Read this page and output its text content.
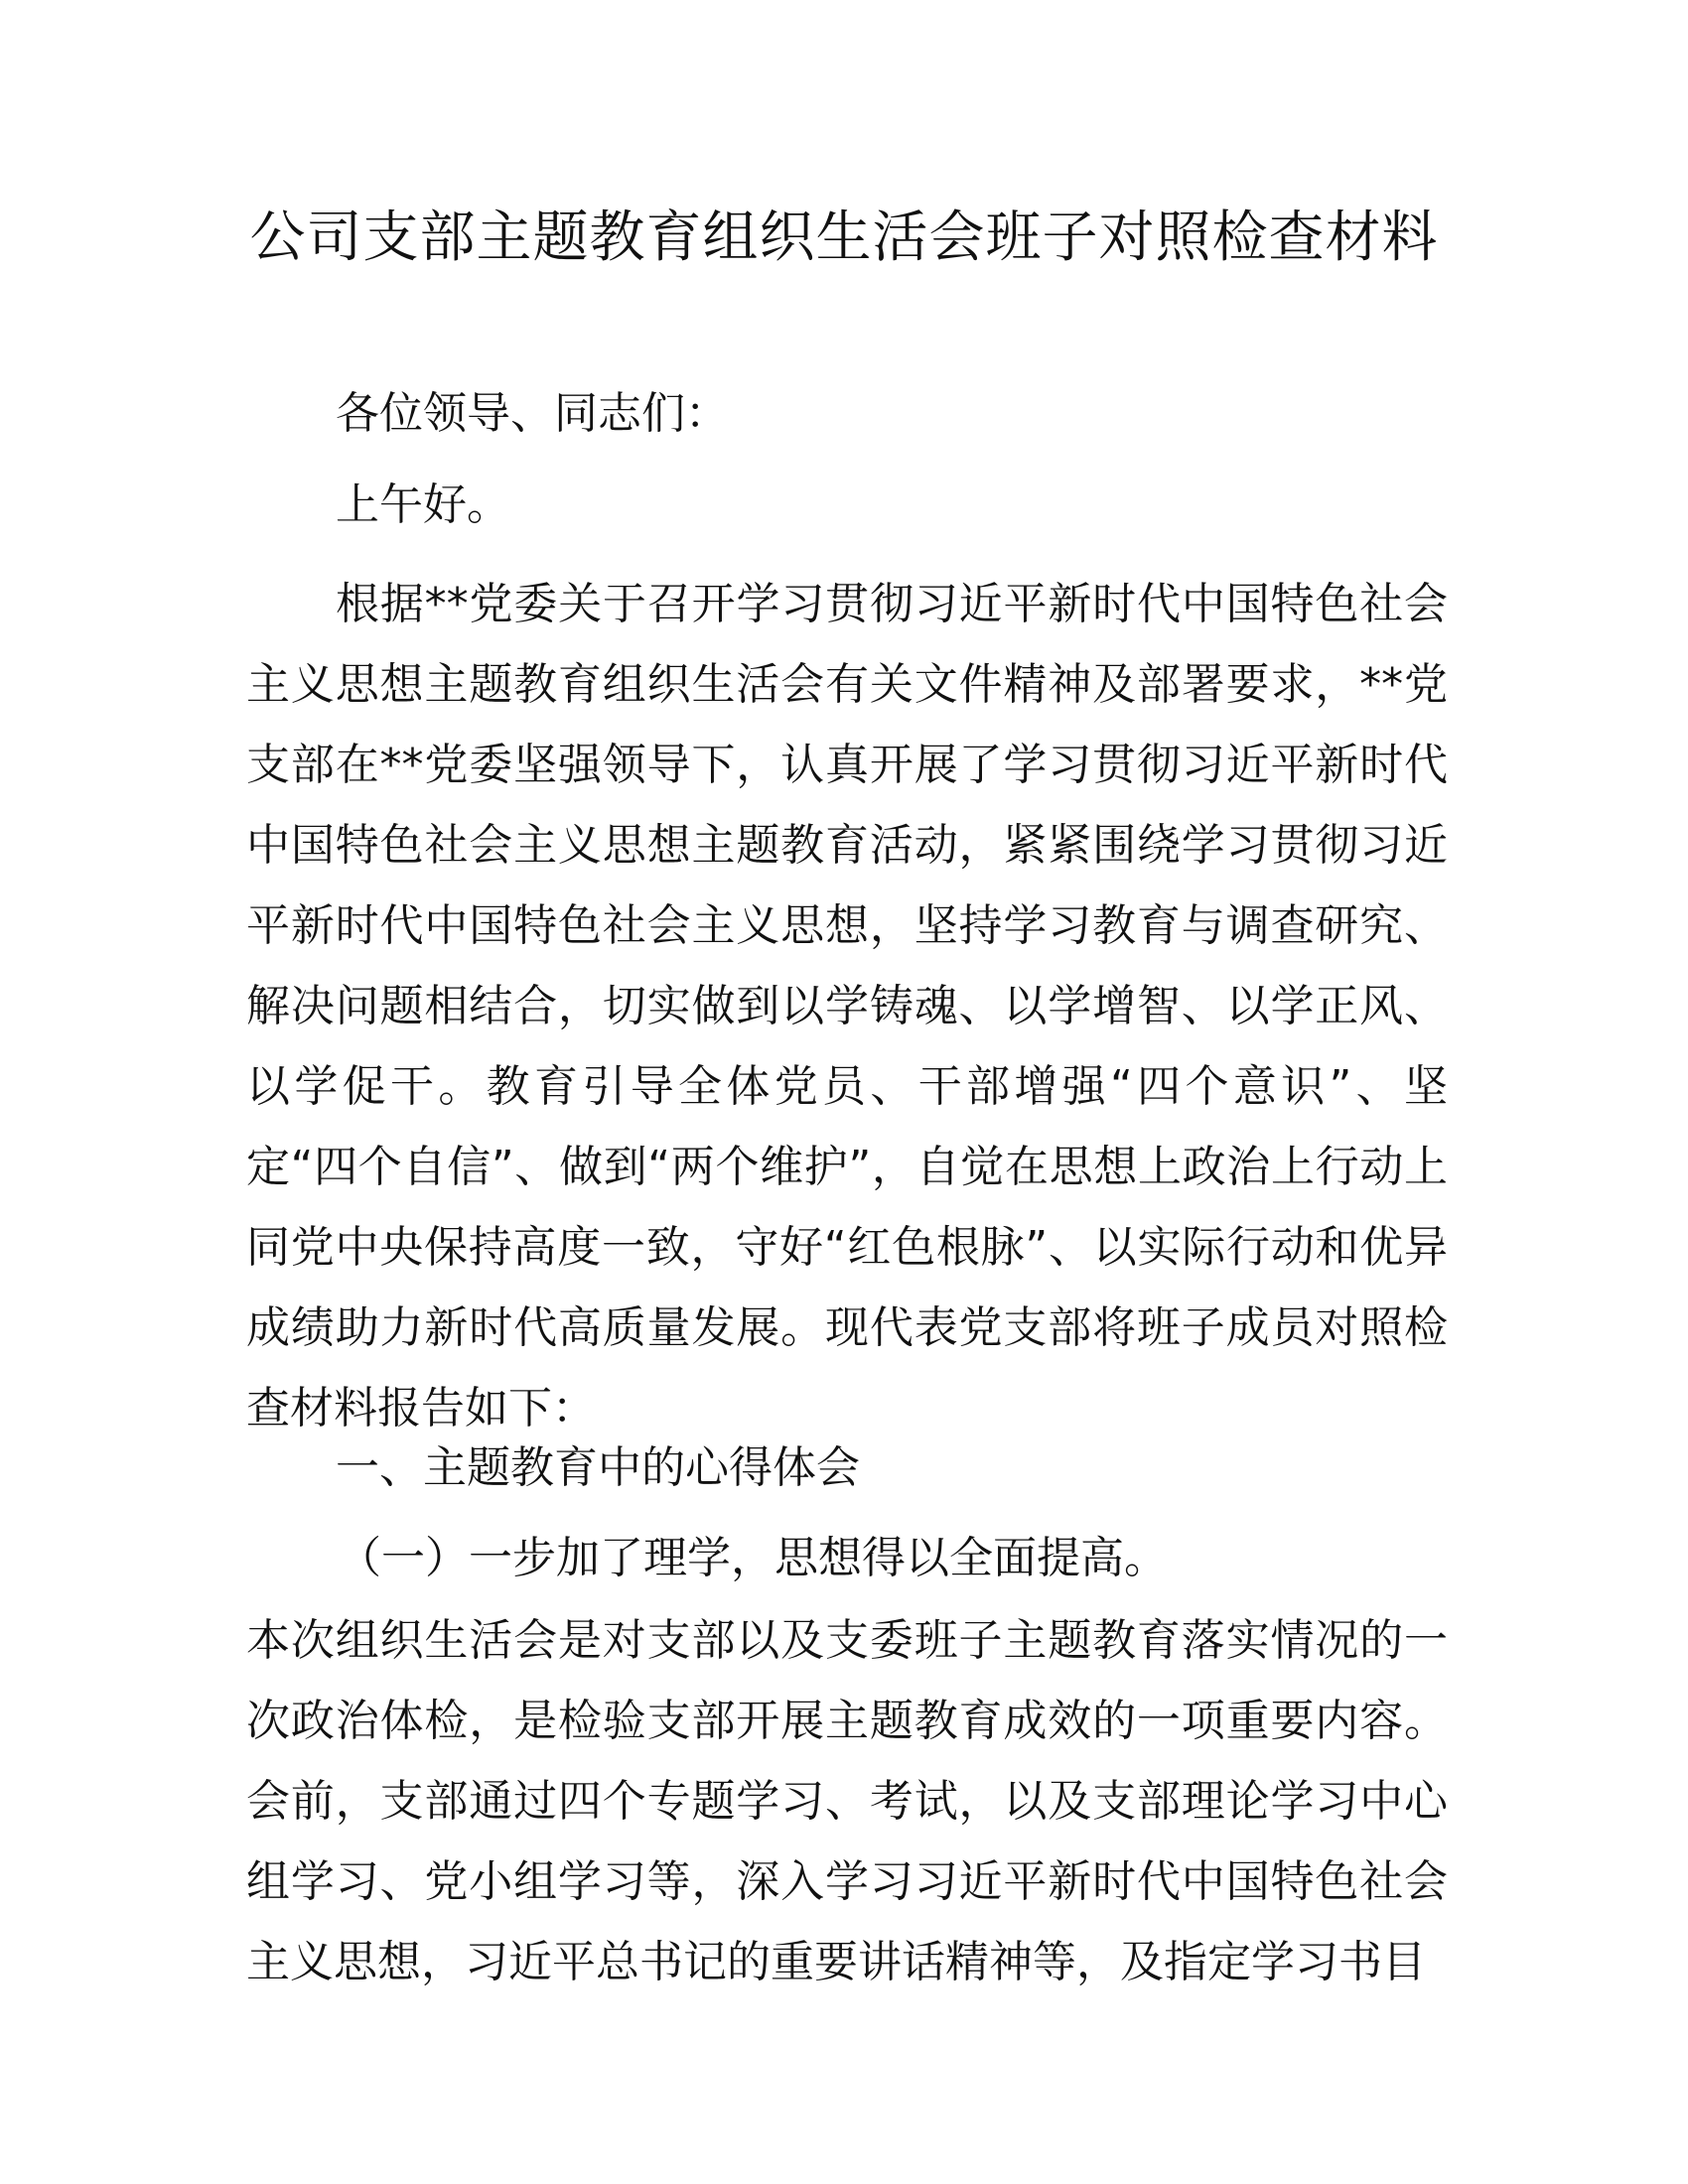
公司支部主题教育组织生活会班子对照检查材料
各位领导、同志们：
上午好。
根据**党委关于召开学习贯彻习近平新时代中国特色社会主义思想主题教育组织生活会有关文件精神及部署要求，**党支部在**党委坚强领导下，认真开展了学习贯彻习近平新时代中国特色社会主义思想主题教育活动，紧紧围绕学习贯彻习近平新时代中国特色社会主义思想，坚持学习教育与调查研究、解决问题相结合，切实做到以学铸魂、以学增智、以学正风、以学促干。教育引导全体党员、干部增强“四个意识”、坚定“四个自信”、做到“两个维护”，自觉在思想上政治上行动上同党中央保持高度一致，守好“红色根脉”、以实际行动和优异成绩助力新时代高质量发展。现代表党支部将班子成员对照检查材料报告如下：
一、主题教育中的心得体会
（一）一步加了理学，思想得以全面提高。
本次组织生活会是对支部以及支委班子主题教育落实情况的一次政治体检，是检验支部开展主题教育成效的一项重要内容。会前，支部通过四个专题学习、考试，以及支部理论学习中心组学习、党小组学习等，深入学习习近平新时代中国特色社会主义思想，习近平总书记的重要讲话精神等，及指定学习书目
